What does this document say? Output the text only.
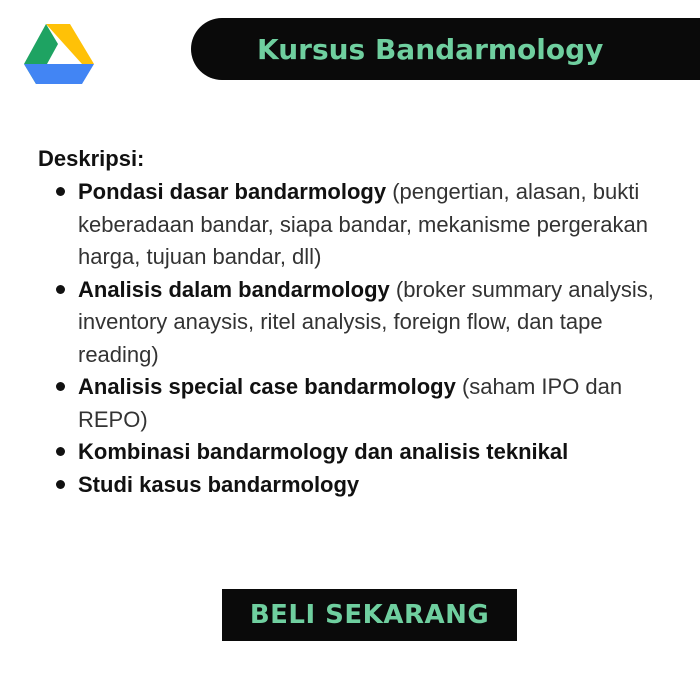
Kursus Bandarmology
Deskripsi:
Pondasi dasar bandarmology (pengertian, alasan, bukti keberadaan bandar, siapa bandar, mekanisme pergerakan harga, tujuan bandar, dll)
Analisis dalam bandarmology (broker summary analysis, inventory anaysis, ritel analysis, foreign flow, dan tape reading)
Analisis special case bandarmology (saham IPO dan REPO)
Kombinasi bandarmology dan analisis teknikal
Studi kasus bandarmology
BELI SEKARANG
